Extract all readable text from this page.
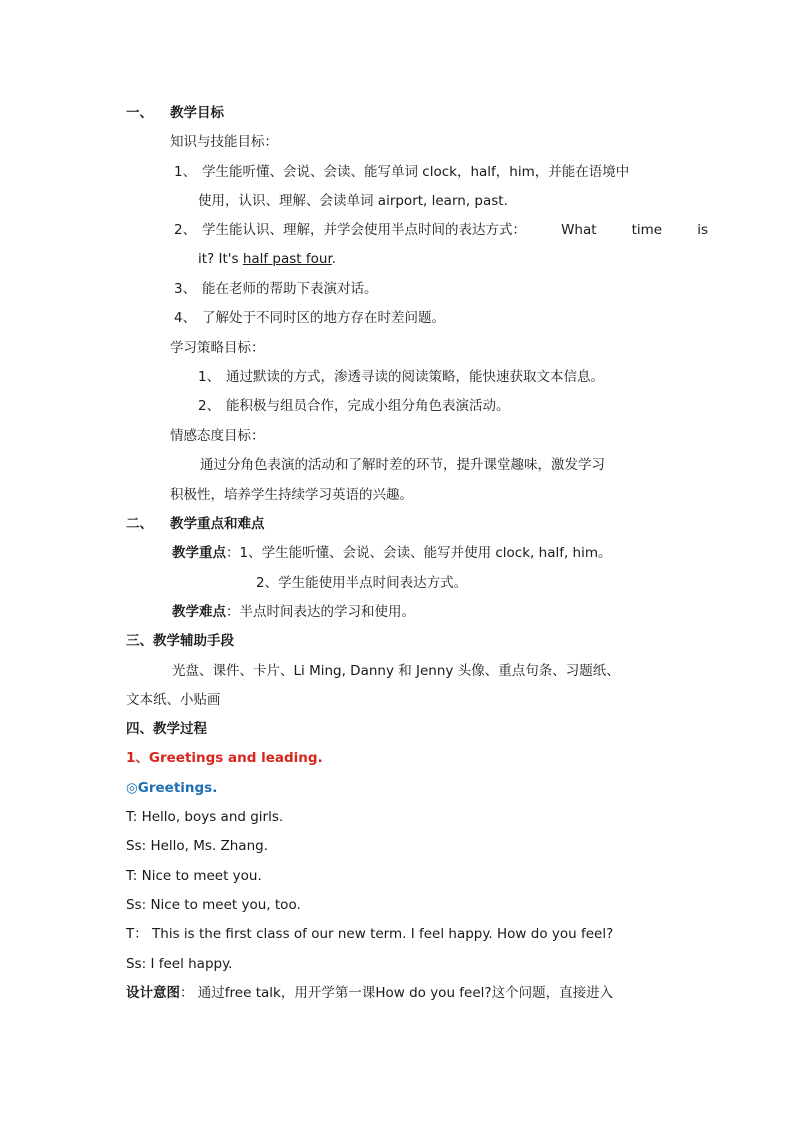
一、 教学目标
知识与技能目标：
1、 学生能听懂、会说、会读、能写单词 clock，half，him，并能在语境中
使用，认识、理解、会读单词 airport, learn, past.
2、 学生能认识、理解，并学会使用半点时间的表达方式：	What	time	is
it? It's half past four.
3、 能在老师的帮助下表演对话。
4、 了解处于不同时区的地方存在时差问题。
学习策略目标：
1、 通过默读的方式，渗透寻读的阅读策略，能快速获取文本信息。
2、 能积极与组员合作，完成小组分角色表演活动。
情感态度目标：
通过分角色表演的活动和了解时差的环节，提升课堂趣味，激发学习
积极性，培养学生持续学习英语的兴趣。
二、 教学重点和难点
教学重点：1、学生能听懂、会说、会读、能写并使用 clock, half, him。
2、学生能使用半点时间表达方式。
教学难点：半点时间表达的学习和使用。
三、教学辅助手段
光盘、课件、卡片、Li Ming, Danny 和 Jenny 头像、重点句条、习题纸、
文本纸、小贴画
四、教学过程
1、Greetings and leading.
◎Greetings.
T: Hello, boys and girls.
Ss: Hello, Ms. Zhang.
T: Nice to meet you.
Ss: Nice to meet you, too.
T： This is the first class of our new term. I feel happy. How do you feel?
Ss: I feel happy.
设计意图： 通过free talk，用开学第一课How do you feel?这个问题，直接进入
